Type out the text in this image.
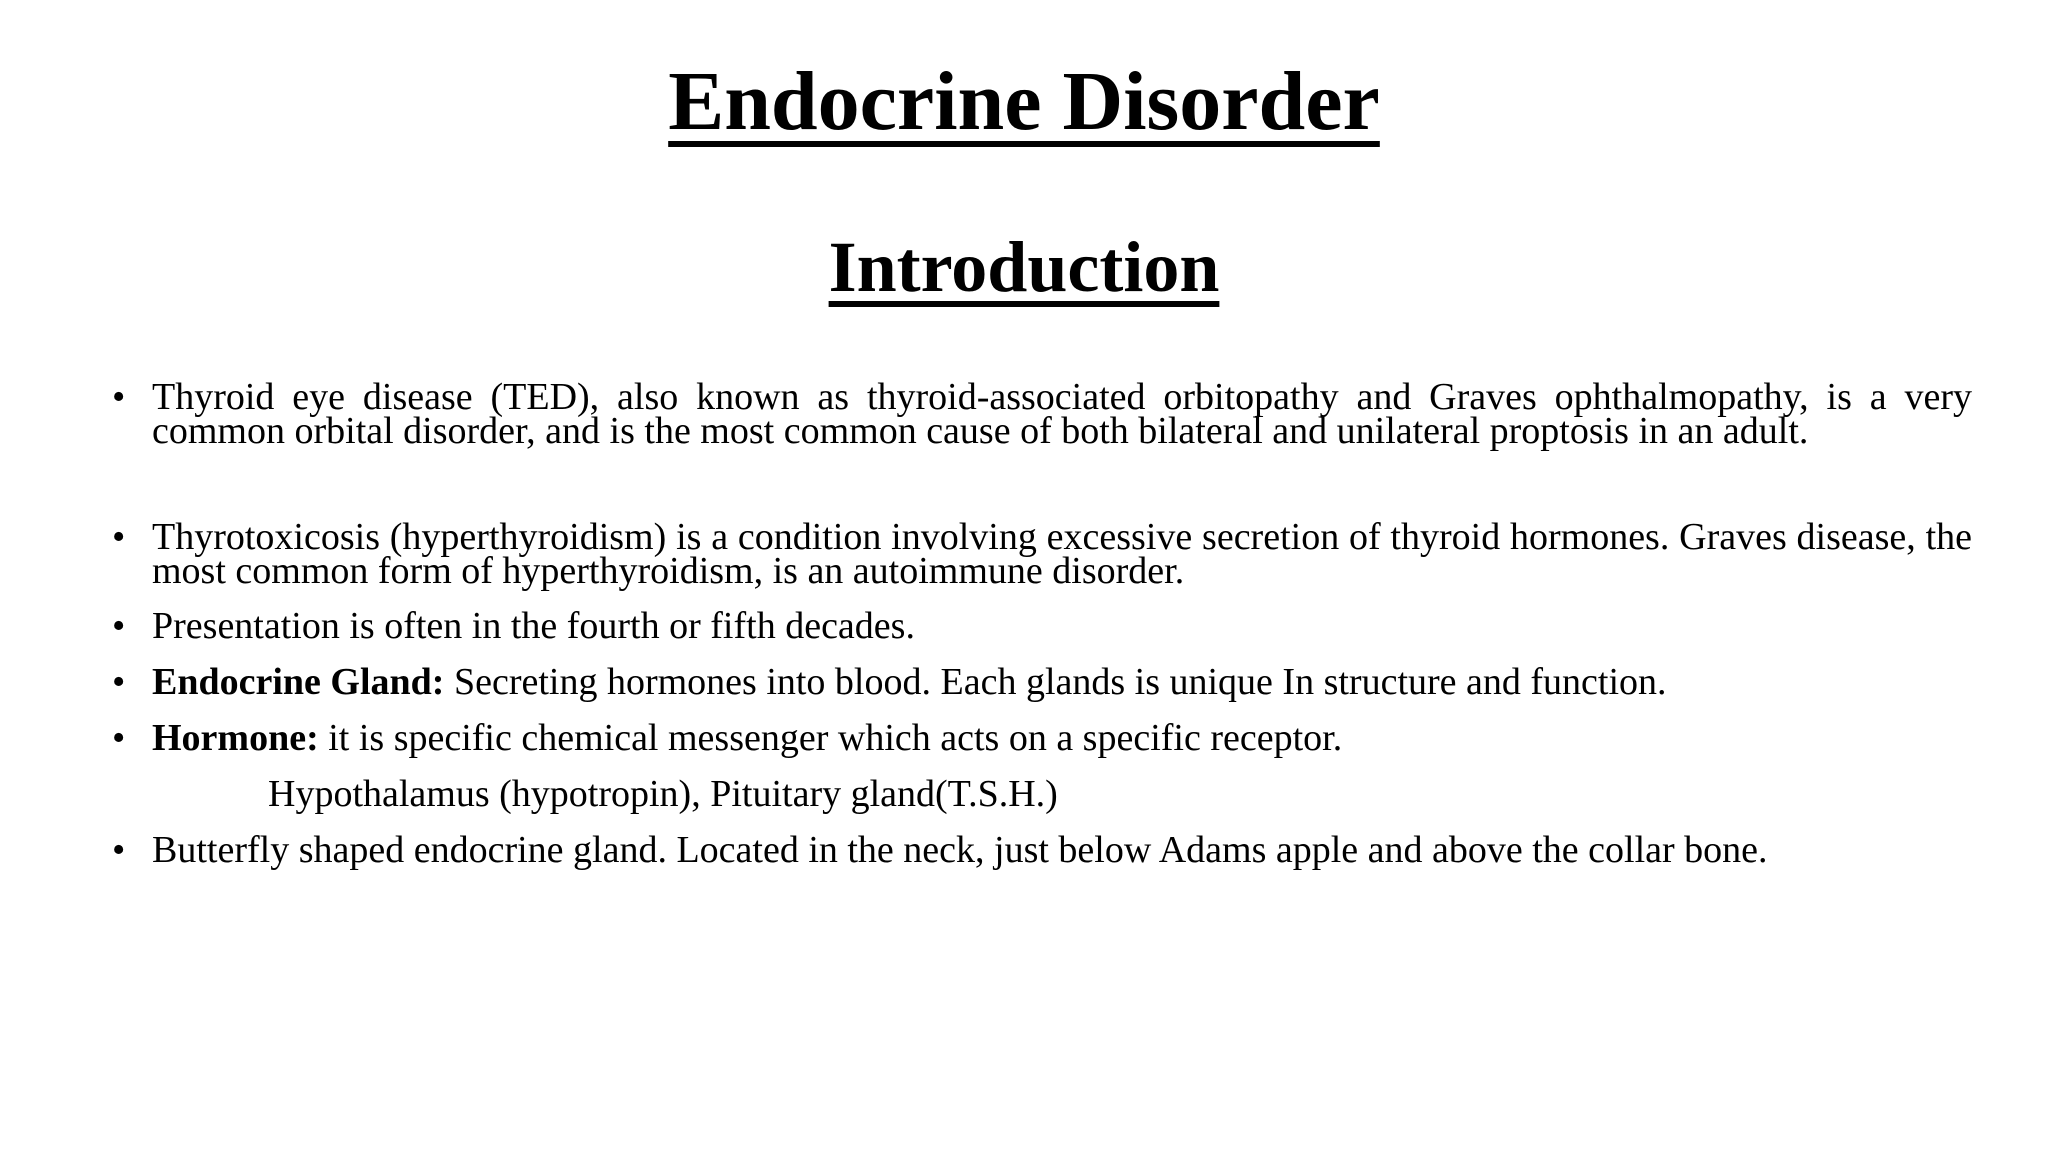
Endocrine Disorder
Introduction
• Thyroid eye disease (TED), also known as thyroid-associated orbitopathy and Graves ophthalmopathy, is a very common orbital disorder, and is the most common cause of both bilateral and unilateral proptosis in an adult.
• Thyrotoxicosis (hyperthyroidism) is a condition involving excessive secretion of thyroid hormones. Graves disease, the most common form of hyperthyroidism, is an autoimmune disorder.
• Presentation is often in the fourth or fifth decades.
• Endocrine Gland: Secreting hormones into blood. Each glands is unique In structure and function.
• Hormone: it is specific chemical messenger which acts on a specific receptor.
Hypothalamus (hypotropin), Pituitary gland(T.S.H.)
• Butterfly shaped endocrine gland. Located in the neck, just below Adams apple and above the collar bone.
